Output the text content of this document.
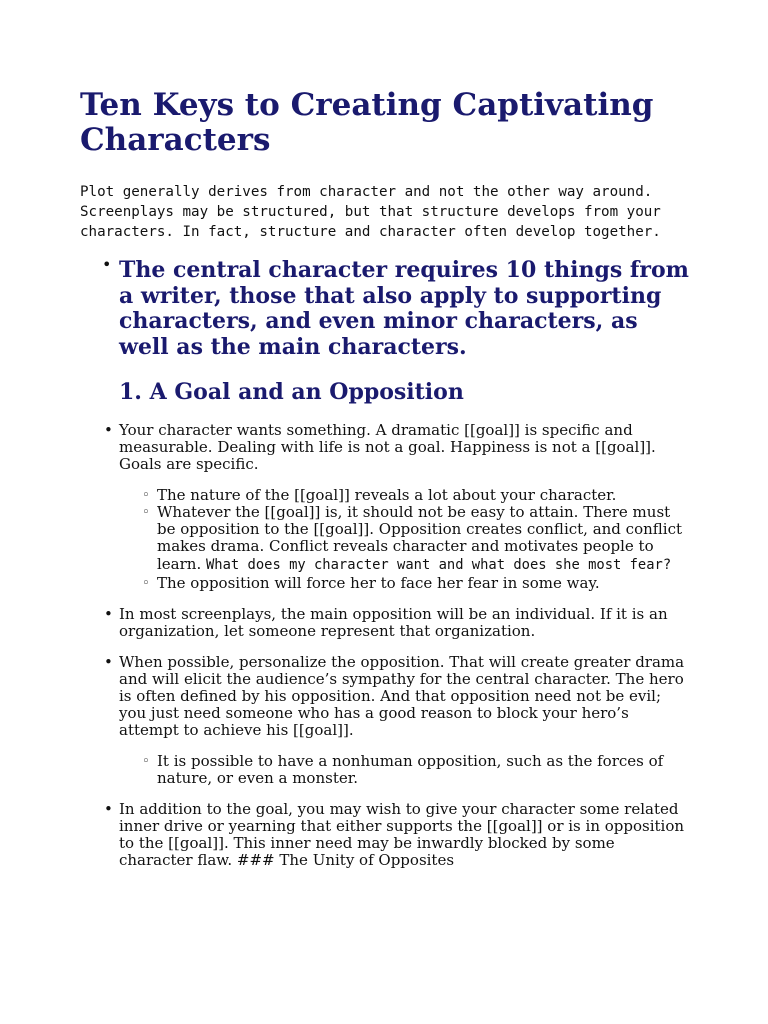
Ten Keys to Creating Captivating Characters

Plot generally derives from character and not the other way around. Screenplays may be structured, but that structure develops from your characters. In fact, structure and character often develop together.

• The central character requires 10 things from a writer, those that also apply to supporting characters, and even minor characters, as well as the main characters.
1. A Goal and an Opposition
• Your character wants something. A dramatic [[goal]] is specific and measurable. Dealing with life is not a goal. Happiness is not a [[goal]]. Goals are specific.
◦ The nature of the [[goal]] reveals a lot about your character.
◦ Whatever the [[goal]] is, it should not be easy to attain. There must be opposition to the [[goal]]. Opposition creates conflict, and conflict makes drama. Conflict reveals character and motivates people to learn. What does my character want and what does she most fear?
◦ The opposition will force her to face her fear in some way.
• In most screenplays, the main opposition will be an individual. If it is an organization, let someone represent that organization.
• When possible, personalize the opposition. That will create greater drama and will elicit the audience’s sympathy for the central character. The hero is often defined by his opposition. And that opposition need not be evil; you just need someone who has a good reason to block your hero’s attempt to achieve his [[goal]].
◦ It is possible to have a nonhuman opposition, such as the forces of nature, or even a monster.
• In addition to the goal, you may wish to give your character some related inner drive or yearning that either supports the [[goal]] or is in opposition to the [[goal]]. This inner need may be inwardly blocked by some character flaw. ### The Unity of Opposites
